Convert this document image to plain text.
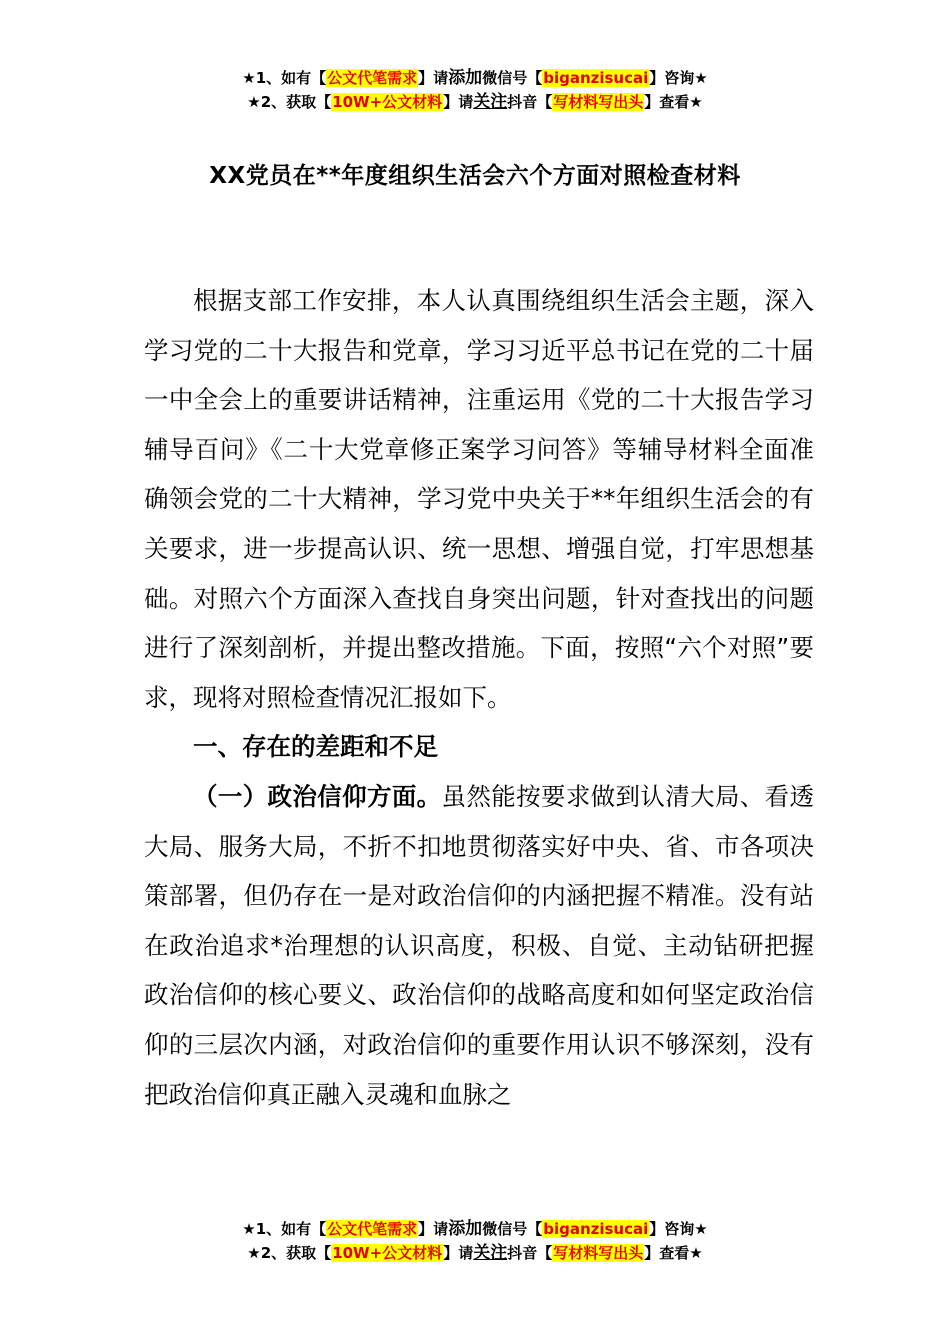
★1、如有【公文代笔需求】请添加微信号【biganzisucai】咨询★
★2、获取【10W+公文材料】请关注抖音【写材料写出头】查看★
XX党员在**年度组织生活会六个方面对照检查材料

根据支部工作安排，本人认真围绕组织生活会主题，深入学习党的二十大报告和党章，学习习近平总书记在党的二十届一中全会上的重要讲话精神，注重运用《党的二十大报告学习辅导百问》《二十大党章修正案学习问答》等辅导材料全面准确领会党的二十大精神，学习党中央关于**年组织生活会的有关要求，进一步提高认识、统一思想、增强自觉，打牢思想基础。对照六个方面深入查找自身突出问题，针对查找出的问题进行了深刻剖析，并提出整改措施。下面，按照“六个对照”要求，现将对照检查情况汇报如下。

一、存在的差距和不足

（一）政治信仰方面。虽然能按要求做到认清大局、看透大局、服务大局，不折不扣地贯彻落实好中央、省、市各项决策部署，但仍存在一是对政治信仰的内涵把握不精准。没有站在政治追求*治理想的认识高度，积极、自觉、主动钻研把握政治信仰的核心要义、政治信仰的战略高度和如何坚定政治信仰的三层次内涵，对政治信仰的重要作用认识不够深刻，没有把政治信仰真正融入灵魂和血脉之

★1、如有【公文代笔需求】请添加微信号【biganzisucai】咨询★
★2、获取【10W+公文材料】请关注抖音【写材料写出头】查看★
